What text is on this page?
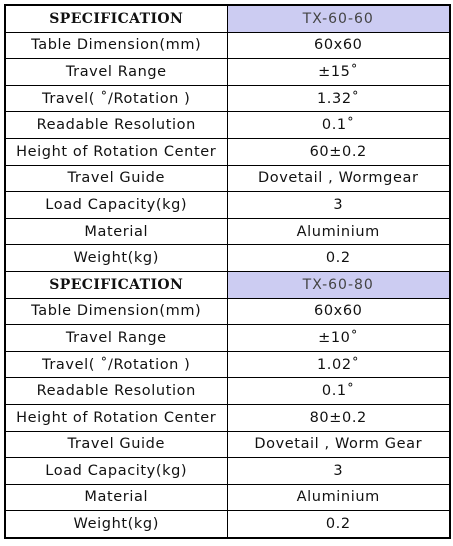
SPECIFICATION	TX-60-60
Table Dimension(mm)	60x60
Travel Range	±15˚
Travel( ˚/Rotation )	1.32˚
Readable Resolution	0.1˚
Height of Rotation Center	60±0.2
Travel Guide	Dovetail , Wormgear
Load Capacity(kg)	3
Material	Aluminium
Weight(kg)	0.2
SPECIFICATION	TX-60-80
Table Dimension(mm)	60x60
Travel Range	±10˚
Travel( ˚/Rotation )	1.02˚
Readable Resolution	0.1˚
Height of Rotation Center	80±0.2
Travel Guide	Dovetail , Worm Gear
Load Capacity(kg)	3
Material	Aluminium
Weight(kg)	0.2
